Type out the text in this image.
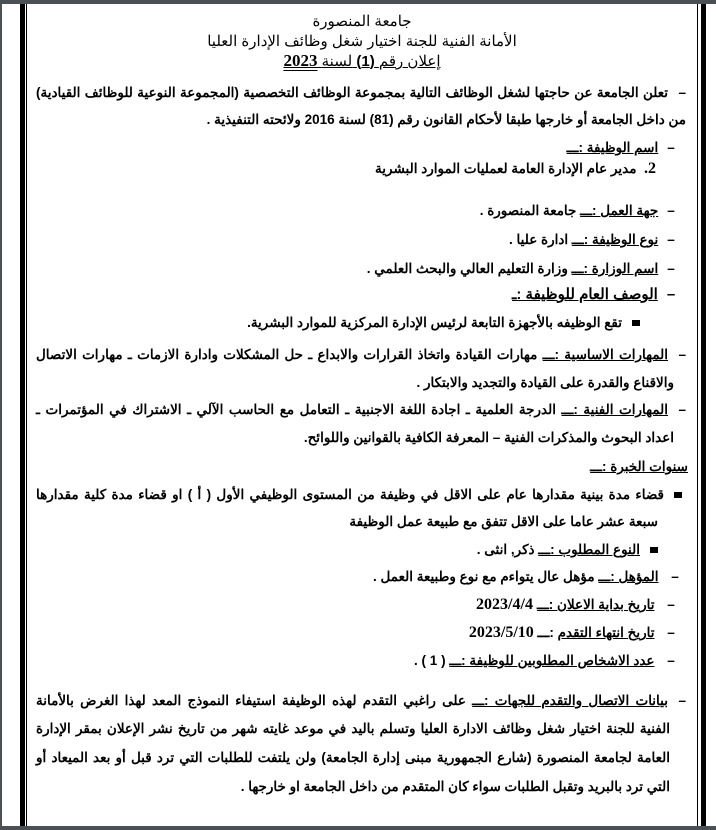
جامعة المنصورة
الأمانة الفنية للجنة اختيار شغل وظائف الإدارة العليا
إعلان رقم (1) لسنة 2023
–تعلن الجامعة عن حاجتها لشغل الوظائف التالية بمجموعة الوظائف التخصصية (المجموعة النوعية للوظائف القيادية)
من داخل الجامعة أو خارجها طبقا لأحكام القانون رقم (81) لسنة 2016 ولائحته التنفيذية .
– اسم الوظيفة :ـــ
2.  مدير عام الإدارة العامة لعمليات الموارد البشرية
– جهة العمل :ـــ جامعة المنصورة .
– نوع الوظيفة :ـــ ادارة عليا .
– اسم الوزارة :ـــ وزارة التعليم العالي والبحث العلمي .
– الوصف العام للوظيفة :ـ
تقع الوظيفه بالأجهزة التابعة لرئيس الإدارة المركزية للموارد البشرية.
–المهارات الاساسية :ـــ مهارات القيادة واتخاذ القرارات والابداع ـ حل المشكلات وادارة الازمات ـ مهارات الاتصال
والاقناع والقدرة على القيادة والتجديد والابتكار .
–المهارات الفنية :ـــ الدرجة العلمية ـ اجادة اللغة الاجنبية ـ التعامل مع الحاسب الآلي ـ الاشتراك في المؤتمرات ـ
اعداد البحوث والمذكرات الفنية – المعرفة الكافية بالقوانين واللوائح.
سنوات الخبرة :ـــ
قضاء مدة بينية مقدارها عام على الاقل في وظيفة من المستوى الوظيفي الأول ( أ ) او قضاء مدة كلية مقدارها
سبعة عشر عاما على الاقل تتفق مع طبيعة عمل الوظيفة
النوع المطلوب :ـــ ذكر, انثى .
–  المؤهل :ـــ مؤهل عال يتواءم مع نوع وطبيعة العمل .
–  تاريخ بداية الاعلان :ـــ 2023/4/4
–  تاريخ انتهاء التقدم :ـــ 2023/5/10
–  عدد الاشخاص المطلوبين للوظيفة :ـــ ( 1 ) .
–بيانات الاتصال والتقدم للجهات :ـــ على راغبي التقدم لهذه الوظيفة استيفاء النموذج المعد لهذا الغرض بالأمانة
الفنية للجنة اختيار شغل وظائف الادارة العليا وتسلم باليد في موعد غايته شهر من تاريخ نشر الإعلان بمقر الإدارة
العامة لجامعة المنصورة (شارع الجمهورية مبنى إدارة الجامعة) ولن يلتفت للطلبات التي ترد قبل أو بعد الميعاد أو
التي ترد بالبريد وتقبل الطلبات سواء كان المتقدم من داخل الجامعة او خارجها .
